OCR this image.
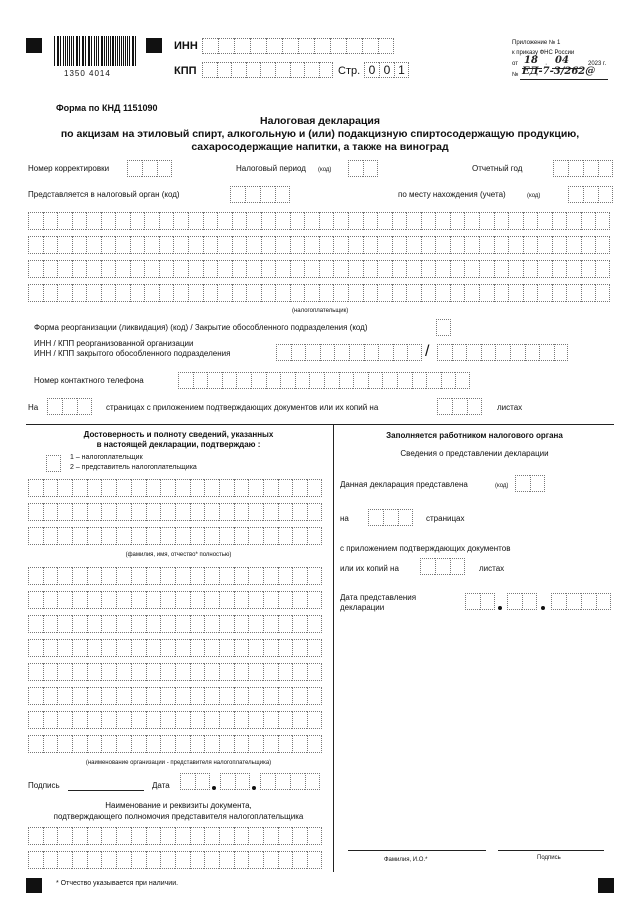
1350 4014
ИНН
КПП	Стр. 0 0 1
Приложение № 1
к приказу ФНС России
от 18 · 04	2023 г.
№ ЕД-7-3/262@
Форма по КНД 1151090
Налоговая декларация
по акцизам на этиловый спирт, алкогольную и (или) подакцизную спиртосодержащую продукцию,
сахаросодержащие напитки, а также на виноград
Номер корректировки	Налоговый период (код)	Отчетный год
Представляется в налоговый орган (код)	по месту нахождения (учета)	(код)
(налогоплательщик)
Форма реорганизации (ликвидация) (код) / Закрытие обособленного подразделения (код)
ИНН / КПП реорганизованной организации
ИНН / КПП закрытого обособленного подразделения	/
Номер контактного телефона
На	страницах с приложением подтверждающих документов или их копий на	листах
Достоверность и полноту сведений, указанных
в настоящей декларации, подтверждаю :
1 – налогоплательщик
2 – представитель налогоплательщика
(фамилия, имя, отчество* полностью)
(наименование организации - представителя налогоплательщика)
Подпись	Дата
Наименование и реквизиты документа,
подтверждающего полномочия представителя налогоплательщика
* Отчество указывается при наличии.
Заполняется работником налогового органа
Сведения о представлении декларации
Данная декларация представлена	(код)
на	страницах
с приложением подтверждающих документов
или их копий на	листах
Дата представления
декларации
Фамилия, И.О.*	Подпись
